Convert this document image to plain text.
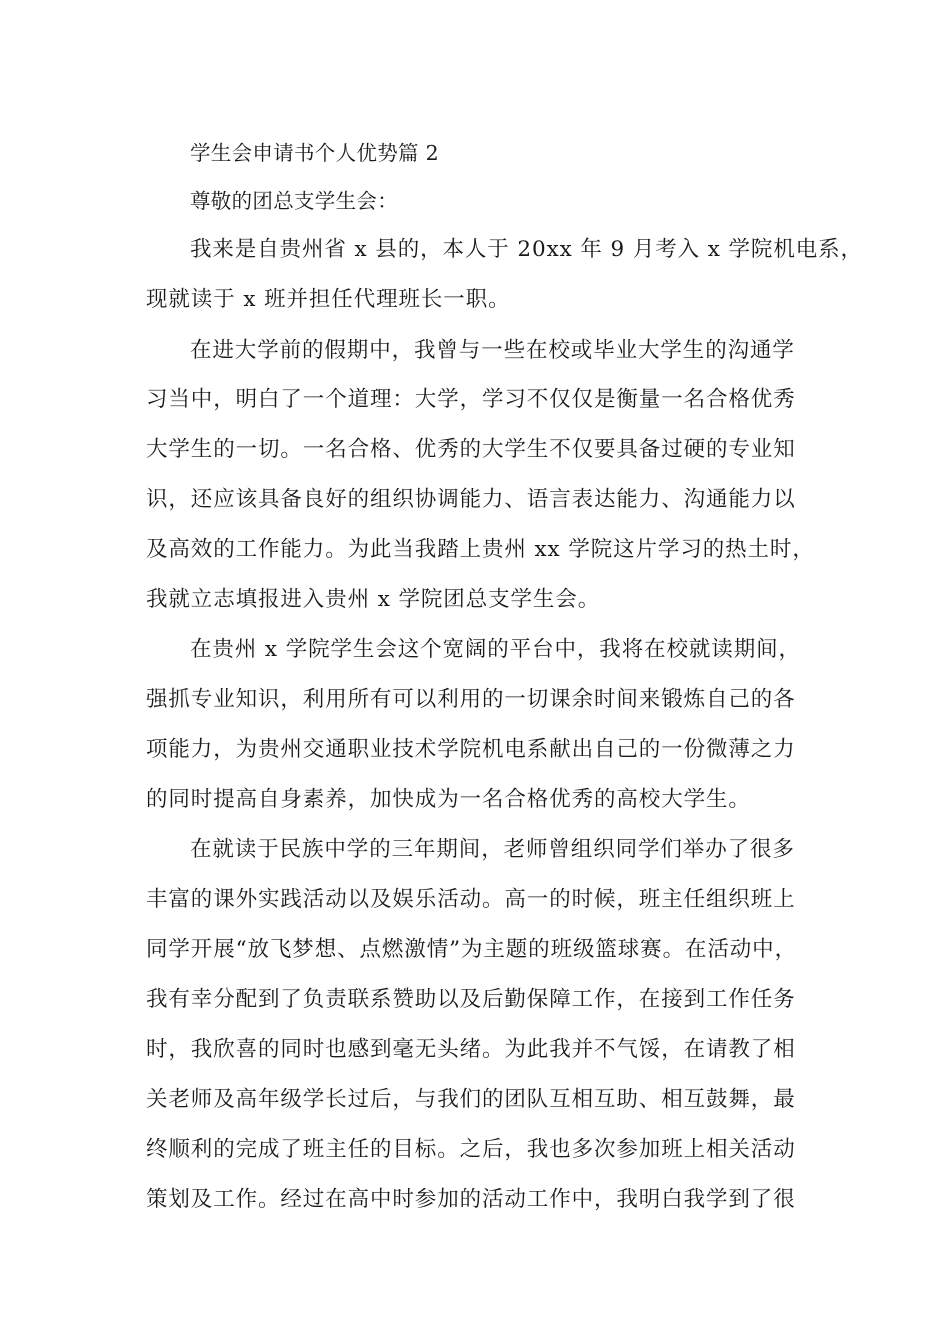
学生会申请书个人优势篇 2
尊敬的团总支学生会：
我来是自贵州省 x 县的，本人于 20xx 年 9 月考入 x 学院机电系，
现就读于 x 班并担任代理班长一职。
在进大学前的假期中，我曾与一些在校或毕业大学生的沟通学
习当中，明白了一个道理：大学，学习不仅仅是衡量一名合格优秀
大学生的一切。一名合格、优秀的大学生不仅要具备过硬的专业知
识，还应该具备良好的组织协调能力、语言表达能力、沟通能力以
及高效的工作能力。为此当我踏上贵州 xx 学院这片学习的热土时，
我就立志填报进入贵州 x 学院团总支学生会。
在贵州 x 学院学生会这个宽阔的平台中，我将在校就读期间，
强抓专业知识，利用所有可以利用的一切课余时间来锻炼自己的各
项能力，为贵州交通职业技术学院机电系献出自己的一份微薄之力
的同时提高自身素养，加快成为一名合格优秀的高校大学生。
在就读于民族中学的三年期间，老师曾组织同学们举办了很多
丰富的课外实践活动以及娱乐活动。高一的时候，班主任组织班上
同学开展“放飞梦想、点燃激情”为主题的班级篮球赛。在活动中，
我有幸分配到了负责联系赞助以及后勤保障工作，在接到工作任务
时，我欣喜的同时也感到毫无头绪。为此我并不气馁，在请教了相
关老师及高年级学长过后，与我们的团队互相互助、相互鼓舞，最
终顺利的完成了班主任的目标。之后，我也多次参加班上相关活动
策划及工作。经过在高中时参加的活动工作中，我明白我学到了很
